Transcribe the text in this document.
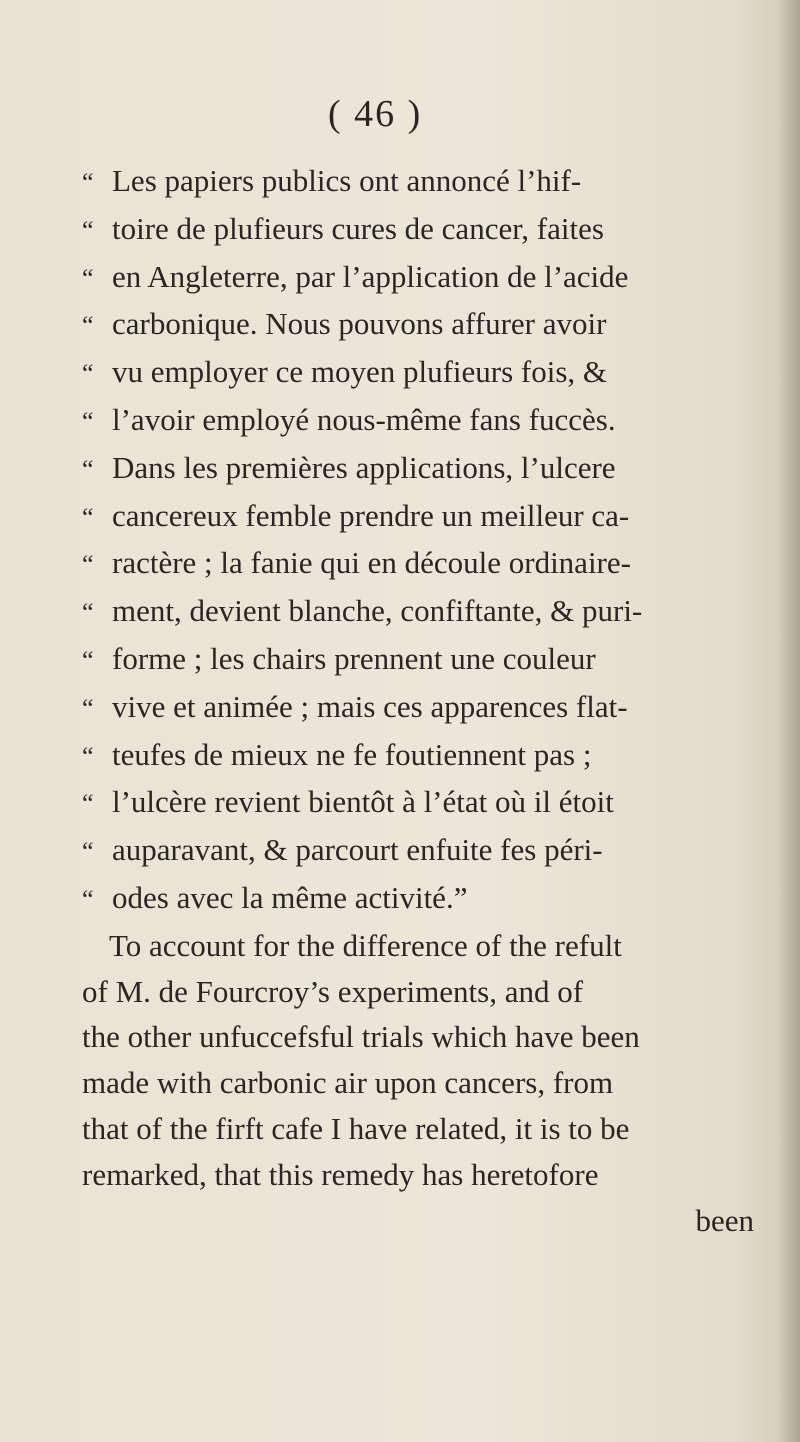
( 46 )

“ Les papiers publics ont annoncé l’hif-
“ toire de plufieurs cures de cancer, faites
“ en Angleterre, par l’application de l’acide
“ carbonique. Nous pouvons affurer avoir
“ vu employer ce moyen plufieurs fois, &
“ l’avoir employé nous-même fans fuccès.
“ Dans les premières applications, l’ulcere
“ cancereux femble prendre un meilleur ca-
“ ractère ; la fanie qui en découle ordinaire-
“ ment, devient blanche, confiftante, & puri-
“ forme ; les chairs prennent une couleur
“ vive et animée ; mais ces apparences flat-
“ teufes de mieux ne fe foutiennent pas ;
“ l’ulcère revient bientôt à l’état où il étoit
“ auparavant, & parcourt enfuite fes péri-
“ odes avec la même activité.”
To account for the difference of the refult
of M. de Fourcroy’s experiments, and of
the other unfuccefsful trials which have been
made with carbonic air upon cancers, from
that of the firft cafe I have related, it is to be
remarked, that this remedy has heretofore
been
